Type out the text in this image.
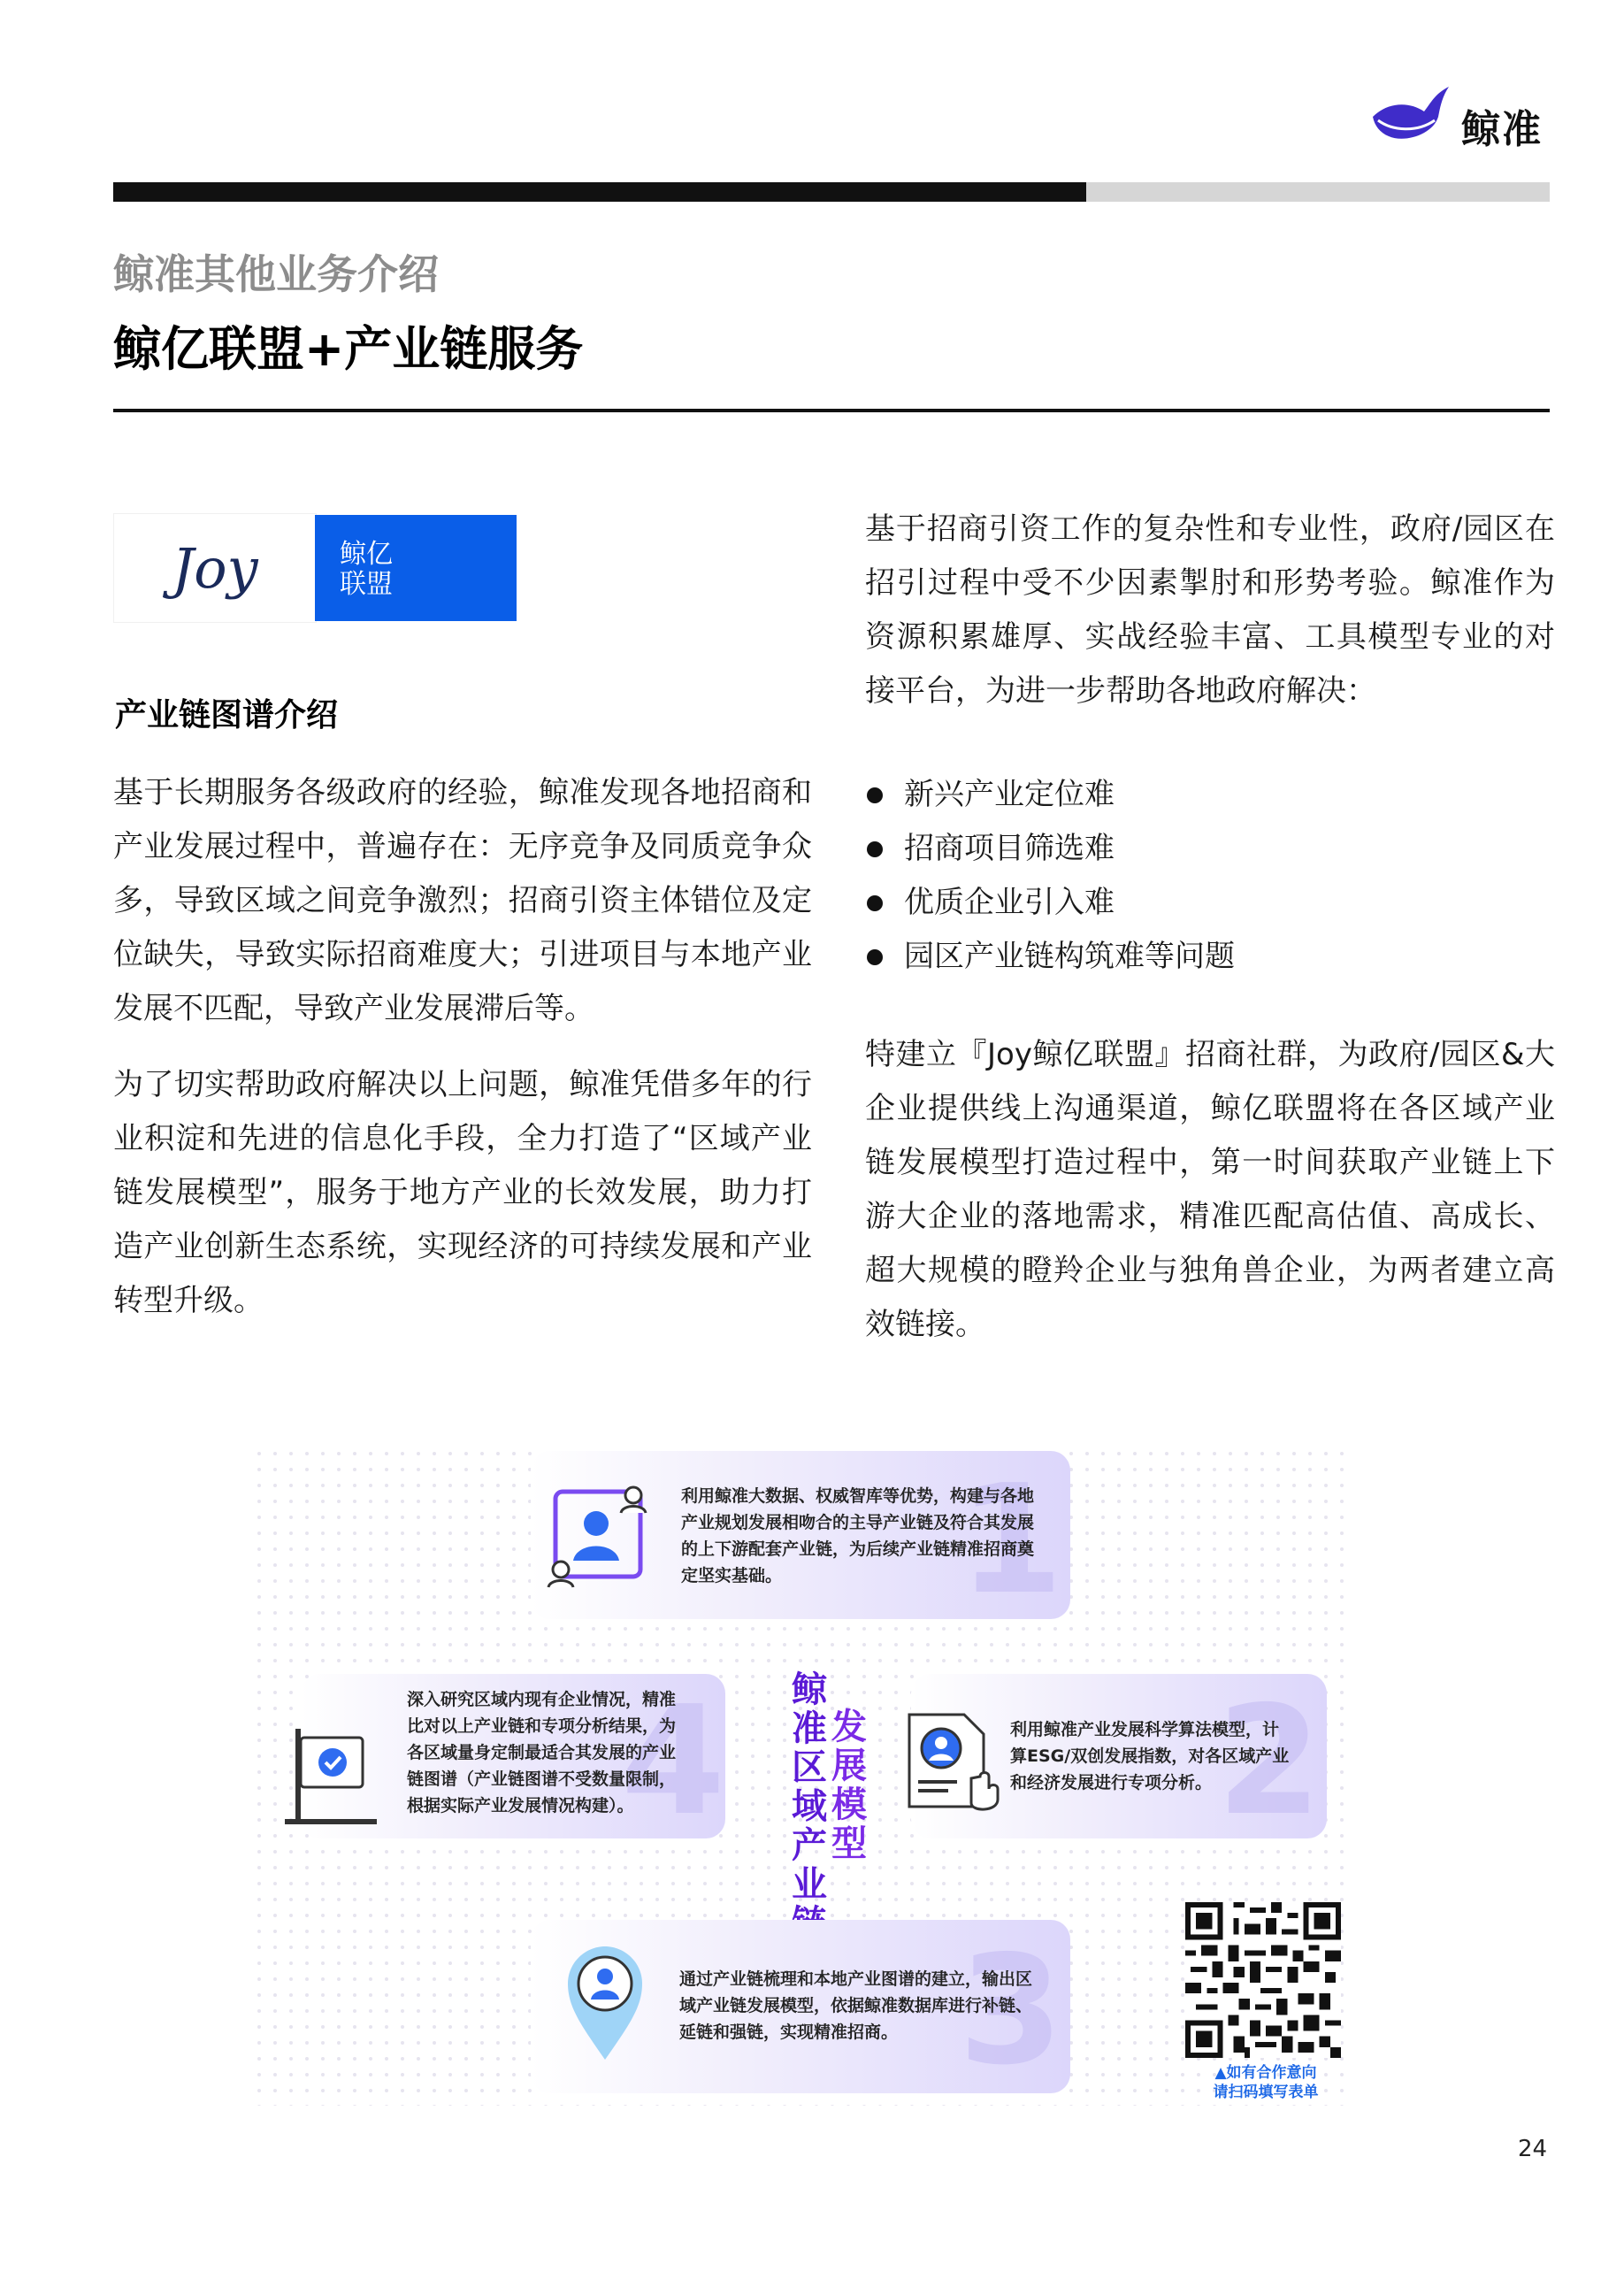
鲸准
鲸准其他业务介绍
鲸亿联盟+产业链服务
Joy	鲸亿
联盟
产业链图谱介绍
基于长期服务各级政府的经验，鲸准发现各地招商和产业发展过程中，普遍存在：无序竞争及同质竞争众多，导致区域之间竞争激烈；招商引资主体错位及定位缺失，导致实际招商难度大；引进项目与本地产业发展不匹配，导致产业发展滞后等。
为了切实帮助政府解决以上问题，鲸准凭借多年的行业积淀和先进的信息化手段，全力打造了“区域产业链发展模型”，服务于地方产业的长效发展，助力打造产业创新生态系统，实现经济的可持续发展和产业转型升级。
基于招商引资工作的复杂性和专业性，政府/园区在招引过程中受不少因素掣肘和形势考验。鲸准作为资源积累雄厚、实战经验丰富、工具模型专业的对接平台，为进一步帮助各地政府解决：
新兴产业定位难
招商项目筛选难
优质企业引入难
园区产业链构筑难等问题
特建立『Joy鲸亿联盟』招商社群，为政府/园区&大企业提供线上沟通渠道，鲸亿联盟将在各区域产业链发展模型打造过程中，第一时间获取产业链上下游大企业的落地需求，精准匹配高估值、高成长、超大规模的瞪羚企业与独角兽企业，为两者建立高效链接。
1
利用鲸准大数据、权威智库等优势，构建与各地产业规划发展相吻合的主导产业链及符合其发展的上下游配套产业链，为后续产业链精准招商奠定坚实基础。
4
深入研究区域内现有企业情况，精准比对以上产业链和专项分析结果，为各区域量身定制最适合其发展的产业链图谱（产业链图谱不受数量限制，根据实际产业发展情况构建）。
鲸准区域产业
发展模型 2
利用鲸准产业发展科学算法模型，计算ESG/双创发展指数，对各区域产业和经济发展进行专项分析。
3
通过产业链梳理和本地产业图谱的建立，输出区域产业链发展模型，依据鲸准数据库进行补链、延链和强链，实现精准招商。
▲如有合作意向
请扫码填写表单
24
